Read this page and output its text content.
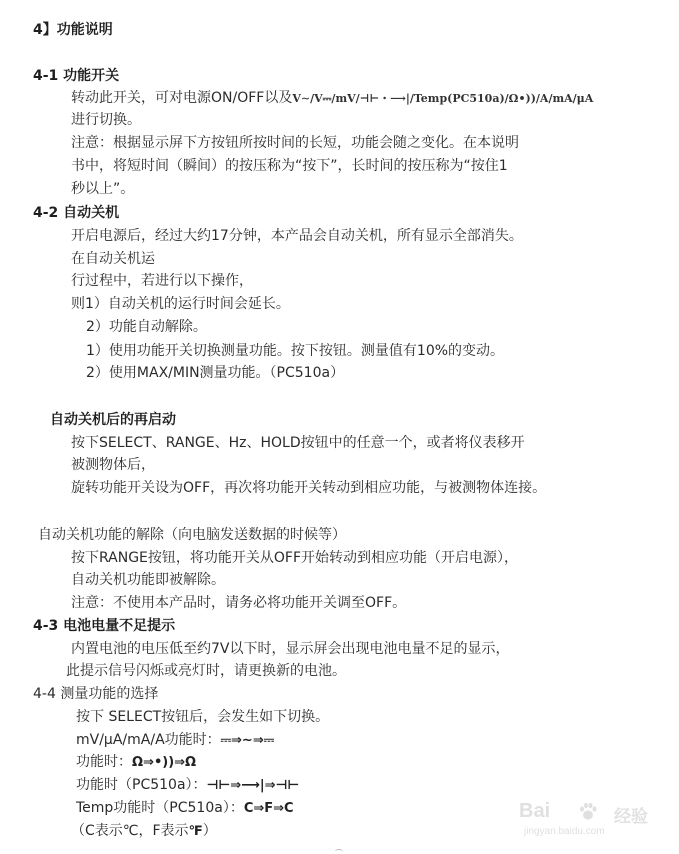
4】功能说明
4-1 功能开关
转动此开关，可对电源ON/OFF以及V∼/V⎓/mV/⊣⊢・⟶|/Temp(PC510a)/Ω•))/A/mA/μA
进行切换。
注意：根据显示屏下方按钮所按时间的长短，功能会随之变化。在本说明
书中，将短时间（瞬间）的按压称为“按下”，长时间的按压称为“按住1
秒以上”。
4-2 自动关机
开启电源后，经过大约17分钟，本产品会自动关机，所有显示全部消失。
在自动关机运
行过程中，若进行以下操作，
则1）自动关机的运行时间会延长。
2）功能自动解除。
1）使用功能开关切换测量功能。按下按钮。测量值有10%的变动。
2）使用MAX/MIN测量功能。（PC510a）
自动关机后的再启动
按下SELECT、RANGE、Hz、HOLD按钮中的任意一个，或者将仪表移开
被测物体后，
旋转功能开关设为OFF，再次将功能开关转动到相应功能，与被测物体连接。
自动关机功能的解除（向电脑发送数据的时候等）
按下RANGE按钮，将功能开关从OFF开始转动到相应功能（开启电源），
自动关机功能即被解除。
注意：不使用本产品时，请务必将功能开关调至OFF。
4-3 电池电量不足提示
内置电池的电压低至约7V以下时，显示屏会出现电池电量不足的显示，
此提示信号闪烁或亮灯时，请更换新的电池。
4-4 测量功能的选择
按下 SELECT按钮后，会发生如下切换。
mV/μA/mA/A功能时：⎓⇒∼⇒⎓
功能时：Ω⇒•))⇒Ω
功能时（PC510a）：⊣⊢⇒⟶|⇒⊣⊢
Temp功能时（PC510a）：C⇒F⇒C
（C表示℃，F表示℉）
Bai	经验
jingyan.baidu.com
